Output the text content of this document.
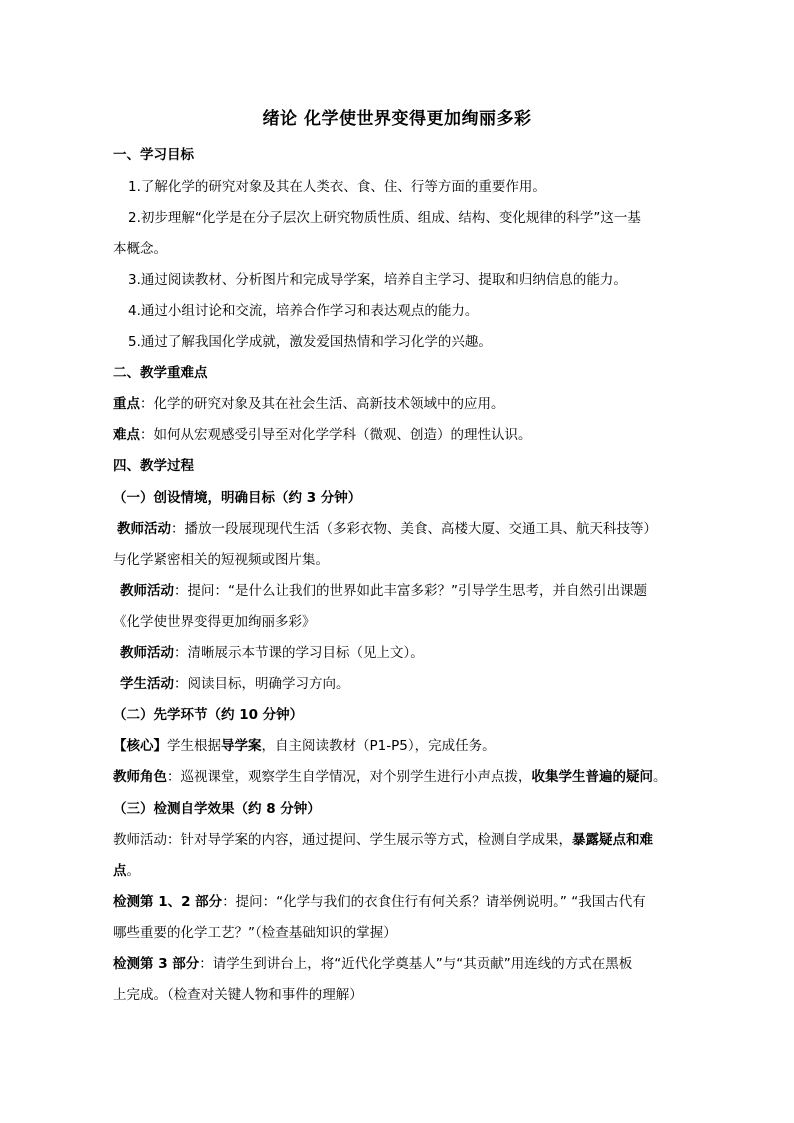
绪论 化学使世界变得更加绚丽多彩
一、学习目标
1.了解化学的研究对象及其在人类衣、食、住、行等方面的重要作用。
2.初步理解“化学是在分子层次上研究物质性质、组成、结构、变化规律的科学”这一基
本概念。
3.通过阅读教材、分析图片和完成导学案，培养自主学习、提取和归纳信息的能力。
4.通过小组讨论和交流，培养合作学习和表达观点的能力。
5.通过了解我国化学成就，激发爱国热情和学习化学的兴趣。
二、教学重难点
重点：化学的研究对象及其在社会生活、高新技术领域中的应用。
难点：如何从宏观感受引导至对化学学科（微观、创造）的理性认识。
四、教学过程
（一）创设情境，明确目标（约 3 分钟）
教师活动：播放一段展现现代生活（多彩衣物、美食、高楼大厦、交通工具、航天科技等）
与化学紧密相关的短视频或图片集。
教师活动：提问：“是什么让我们的世界如此丰富多彩？”引导学生思考，并自然引出课题
《化学使世界变得更加绚丽多彩》
教师活动：清晰展示本节课的学习目标（见上文）。
学生活动：阅读目标，明确学习方向。
（二）先学环节（约 10 分钟）
【核心】学生根据导学案，自主阅读教材（P1-P5），完成任务。
教师角色：巡视课堂，观察学生自学情况，对个别学生进行小声点拨，收集学生普遍的疑问。
（三）检测自学效果（约 8 分钟）
教师活动：针对导学案的内容，通过提问、学生展示等方式，检测自学成果，暴露疑点和难
点。
检测第 1、2 部分：提问：“化学与我们的衣食住行有何关系？请举例说明。” “我国古代有
哪些重要的化学工艺？”（检查基础知识的掌握）
检测第 3 部分：请学生到讲台上，将“近代化学奠基人”与“其贡献”用连线的方式在黑板
上完成。（检查对关键人物和事件的理解）
